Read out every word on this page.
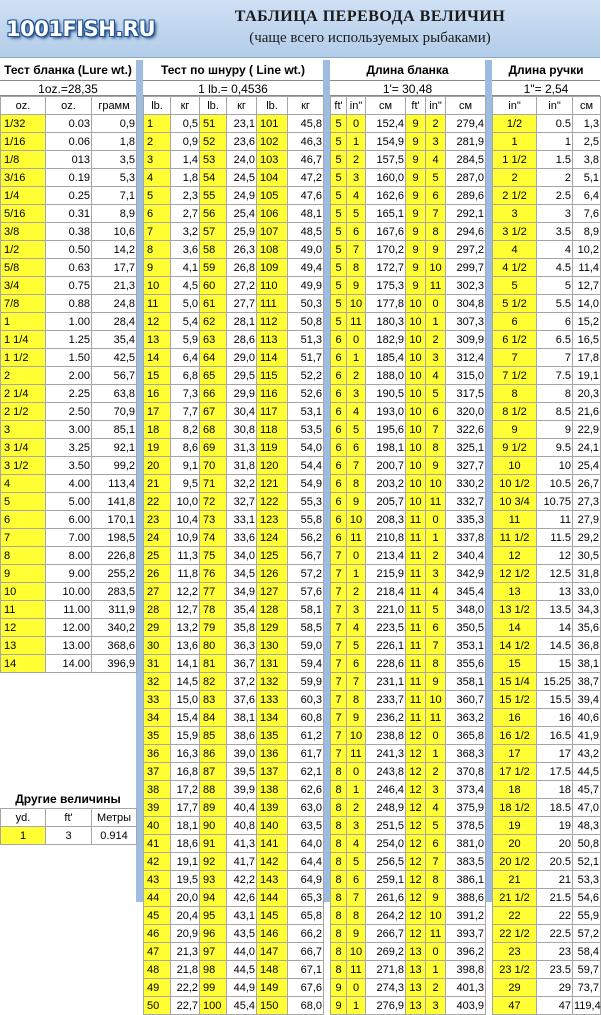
1001FISH.RU
ТАБЛИЦА ПЕРЕВОДА ВЕЛИЧИН
(чаще всего используемых рыбаками)
Тест бланка (Lure wt.)
1oz.=28,35
oz.	oz.	грамм
1/32	0.03	0,9
1/16	0.06	1,8
1/8	013	3,5
3/16	0.19	5,3
1/4	0.25	7,1
5/16	0.31	8,9
3/8	0.38	10,6
1/2	0.50	14,2
5/8	0.63	17,7
3/4	0.75	21,3
7/8	0.88	24,8
1	1.00	28,4
1 1/4	1.25	35,4
1 1/2	1.50	42,5
2	2.00	56,7
2 1/4	2.25	63,8
2 1/2	2.50	70,9
3	3.00	85,1
3 1/4	3.25	92,1
3 1/2	3.50	99,2
4	4.00	113,4
5	5.00	141,8
6	6.00	170,1
7	7.00	198,5
8	8.00	226,8
9	9.00	255,2
10	10.00	283,5
11	11.00	311,9
12	12.00	340,2
13	13.00	368,6
14	14.00	396,9
Другие величины
yd.	ft'	Метры
1	3	0.914
Тест по шнуру ( Line wt.)
1 lb.= 0,4536
lb.	кг	lb.	кг	lb.	кг
1	0,5	51	23,1	101	45,8
2	0,9	52	23,6	102	46,3
3	1,4	53	24,0	103	46,7
4	1,8	54	24,5	104	47,2
5	2,3	55	24,9	105	47,6
6	2,7	56	25,4	106	48,1
7	3,2	57	25,9	107	48,5
8	3,6	58	26,3	108	49,0
9	4,1	59	26,8	109	49,4
10	4,5	60	27,2	110	49,9
11	5,0	61	27,7	111	50,3
12	5,4	62	28,1	112	50,8
13	5,9	63	28,6	113	51,3
14	6,4	64	29,0	114	51,7
15	6,8	65	29,5	115	52,2
16	7,3	66	29,9	116	52,6
17	7,7	67	30,4	117	53,1
18	8,2	68	30,8	118	53,5
19	8,6	69	31,3	119	54,0
20	9,1	70	31,8	120	54,4
21	9,5	71	32,2	121	54,9
22	10,0	72	32,7	122	55,3
23	10,4	73	33,1	123	55,8
24	10,9	74	33,6	124	56,2
25	11,3	75	34,0	125	56,7
26	11,8	76	34,5	126	57,2
27	12,2	77	34,9	127	57,6
28	12,7	78	35,4	128	58,1
29	13,2	79	35,8	129	58,5
30	13,6	80	36,3	130	59,0
31	14,1	81	36,7	131	59,4
32	14,5	82	37,2	132	59,9
33	15,0	83	37,6	133	60,3
34	15,4	84	38,1	134	60,8
35	15,9	85	38,6	135	61,2
36	16,3	86	39,0	136	61,7
37	16,8	87	39,5	137	62,1
38	17,2	88	39,9	138	62,6
39	17,7	89	40,4	139	63,0
40	18,1	90	40,8	140	63,5
41	18,6	91	41,3	141	64,0
42	19,1	92	41,7	142	64,4
43	19,5	93	42,2	143	64,9
44	20,0	94	42,6	144	65,3
45	20,4	95	43,1	145	65,8
46	20,9	96	43,5	146	66,2
47	21,3	97	44,0	147	66,7
48	21,8	98	44,5	148	67,1
49	22,2	99	44,9	149	67,6
50	22,7	100	45,4	150	68,0
Длина бланка
1'= 30,48
ft'	in"	см	ft'	in"	см
5	0	152,4	9	2	279,4
5	1	154,9	9	3	281,9
5	2	157,5	9	4	284,5
5	3	160,0	9	5	287,0
5	4	162,6	9	6	289,6
5	5	165,1	9	7	292,1
5	6	167,6	9	8	294,6
5	7	170,2	9	9	297,2
5	8	172,7	9	10	299,7
5	9	175,3	9	11	302,3
5	10	177,8	10	0	304,8
5	11	180,3	10	1	307,3
6	0	182,9	10	2	309,9
6	1	185,4	10	3	312,4
6	2	188,0	10	4	315,0
6	3	190,5	10	5	317,5
6	4	193,0	10	6	320,0
6	5	195,6	10	7	322,6
6	6	198,1	10	8	325,1
6	7	200,7	10	9	327,7
6	8	203,2	10	10	330,2
6	9	205,7	10	11	332,7
6	10	208,3	11	0	335,3
6	11	210,8	11	1	337,8
7	0	213,4	11	2	340,4
7	1	215,9	11	3	342,9
7	2	218,4	11	4	345,4
7	3	221,0	11	5	348,0
7	4	223,5	11	6	350,5
7	5	226,1	11	7	353,1
7	6	228,6	11	8	355,6
7	7	231,1	11	9	358,1
7	8	233,7	11	10	360,7
7	9	236,2	11	11	363,2
7	10	238,8	12	0	365,8
7	11	241,3	12	1	368,3
8	0	243,8	12	2	370,8
8	1	246,4	12	3	373,4
8	2	248,9	12	4	375,9
8	3	251,5	12	5	378,5
8	4	254,0	12	6	381,0
8	5	256,5	12	7	383,5
8	6	259,1	12	8	386,1
8	7	261,6	12	9	388,6
8	8	264,2	12	10	391,2
8	9	266,7	12	11	393,7
8	10	269,2	13	0	396,2
8	11	271,8	13	1	398,8
9	0	274,3	13	2	401,3
9	1	276,9	13	3	403,9
Длина ручки
1"= 2,54
in"	in"	см
1/2	0.5	1,3
1	1	2,5
1 1/2	1.5	3,8
2	2	5,1
2 1/2	2.5	6,4
3	3	7,6
3 1/2	3.5	8,9
4	4	10,2
4 1/2	4.5	11,4
5	5	12,7
5 1/2	5.5	14,0
6	6	15,2
6 1/2	6.5	16,5
7	7	17,8
7 1/2	7.5	19,1
8	8	20,3
8 1/2	8.5	21,6
9	9	22,9
9 1/2	9.5	24,1
10	10	25,4
10 1/2	10.5	26,7
10 3/4	10.75	27,3
11	11	27,9
11 1/2	11.5	29,2
12	12	30,5
12 1/2	12.5	31,8
13	13	33,0
13 1/2	13.5	34,3
14	14	35,6
14 1/2	14.5	36,8
15	15	38,1
15 1/4	15.25	38,7
15 1/2	15.5	39,4
16	16	40,6
16 1/2	16.5	41,9
17	17	43,2
17 1/2	17.5	44,5
18	18	45,7
18 1/2	18.5	47,0
19	19	48,3
20	20	50,8
20 1/2	20.5	52,1
21	21	53,3
21 1/2	21.5	54,6
22	22	55,9
22 1/2	22.5	57,2
23	23	58,4
23 1/2	23.5	59,7
29	29	73,7
47	47	119,4
